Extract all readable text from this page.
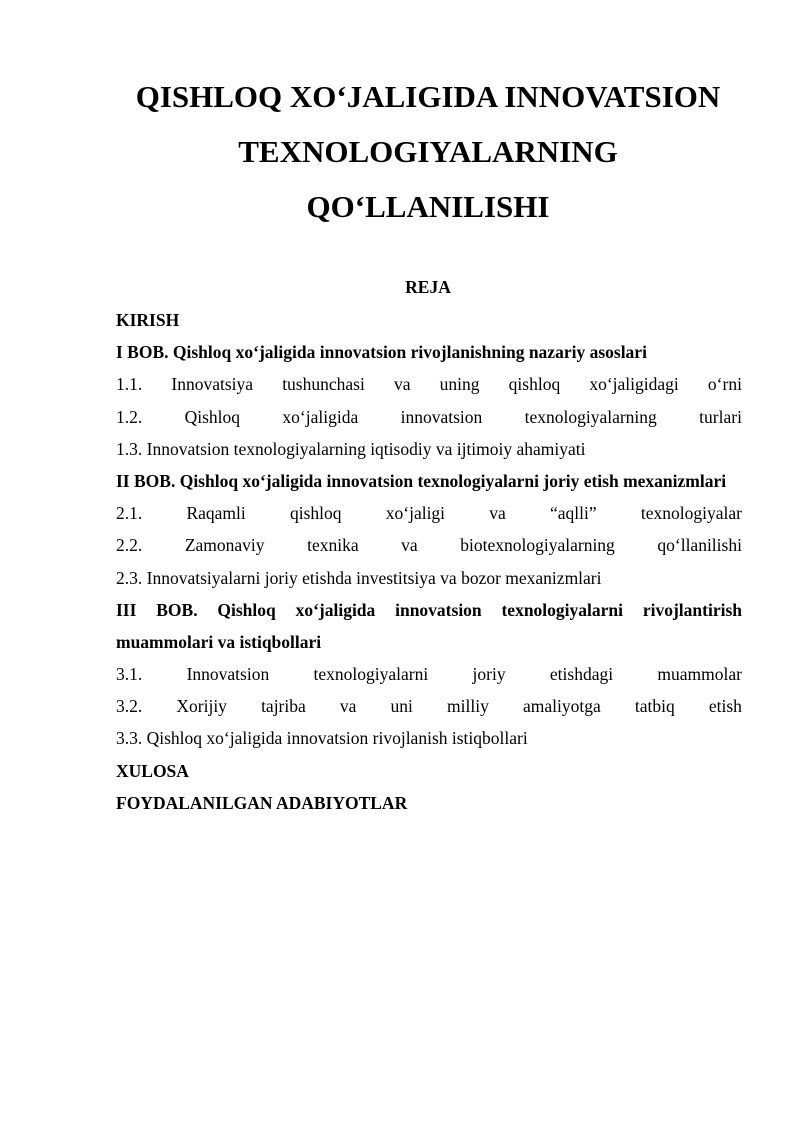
QISHLOQ XO‘JALIGIDA INNOVATSION
TEXNOLOGIYALARNING
QO‘LLANILISHI
REJA
KIRISH
I BOB. Qishloq xo‘jaligida innovatsion rivojlanishning nazariy asoslari
1.1. Innovatsiya tushunchasi va uning qishloq xo‘jaligidagi o‘rni
1.2. Qishloq xo‘jaligida innovatsion texnologiyalarning turlari
1.3. Innovatsion texnologiyalarning iqtisodiy va ijtimoiy ahamiyati
II BOB. Qishloq xo‘jaligida innovatsion texnologiyalarni joriy etish mexanizmlari
2.1.	Raqamli	qishloq	xo‘jaligi	va	“aqlli”	texnologiyalar
2.2. Zamonaviy texnika va biotexnologiyalarning qo‘llanilishi
2.3. Innovatsiyalarni joriy etishda investitsiya va bozor mexanizmlari
III BOB. Qishloq xo‘jaligida innovatsion texnologiyalarni rivojlantirish muammolari va istiqbollari
3.1.	Innovatsion	texnologiyalarni	joriy	etishdagi	muammolar
3.2. Xorijiy tajriba va uni milliy amaliyotga tatbiq etish
3.3. Qishloq xo‘jaligida innovatsion rivojlanish istiqbollari
XULOSA
FOYDALANILGAN ADABIYOTLAR
